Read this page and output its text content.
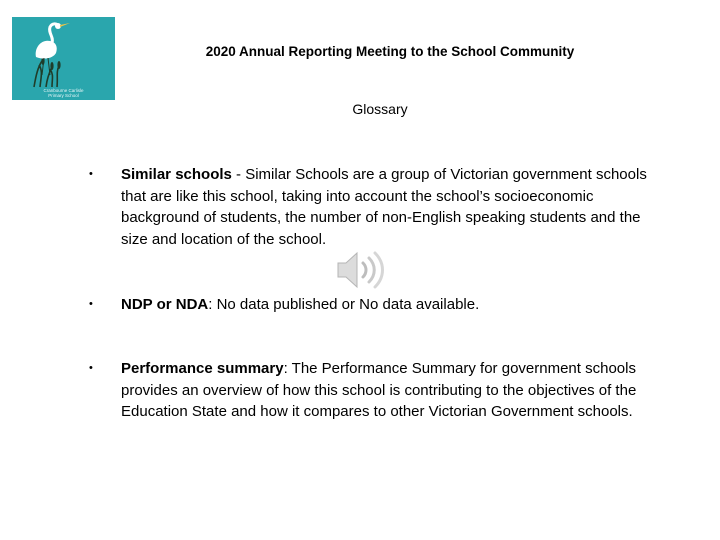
Cranbourne Carlisle
Primary School
2020 Annual Reporting Meeting to the School Community
Glossary
• Similar schools - Similar Schools are a group of Victorian government schools that are like this school, taking into account the school’s socioeconomic background of students, the number of non-English speaking students and the size and location of the school.
• NDP or NDA: No data published or No data available.
• Performance summary: The Performance Summary for government schools provides an overview of how this school is contributing to the objectives of the Education State and how it compares to other Victorian Government schools.
